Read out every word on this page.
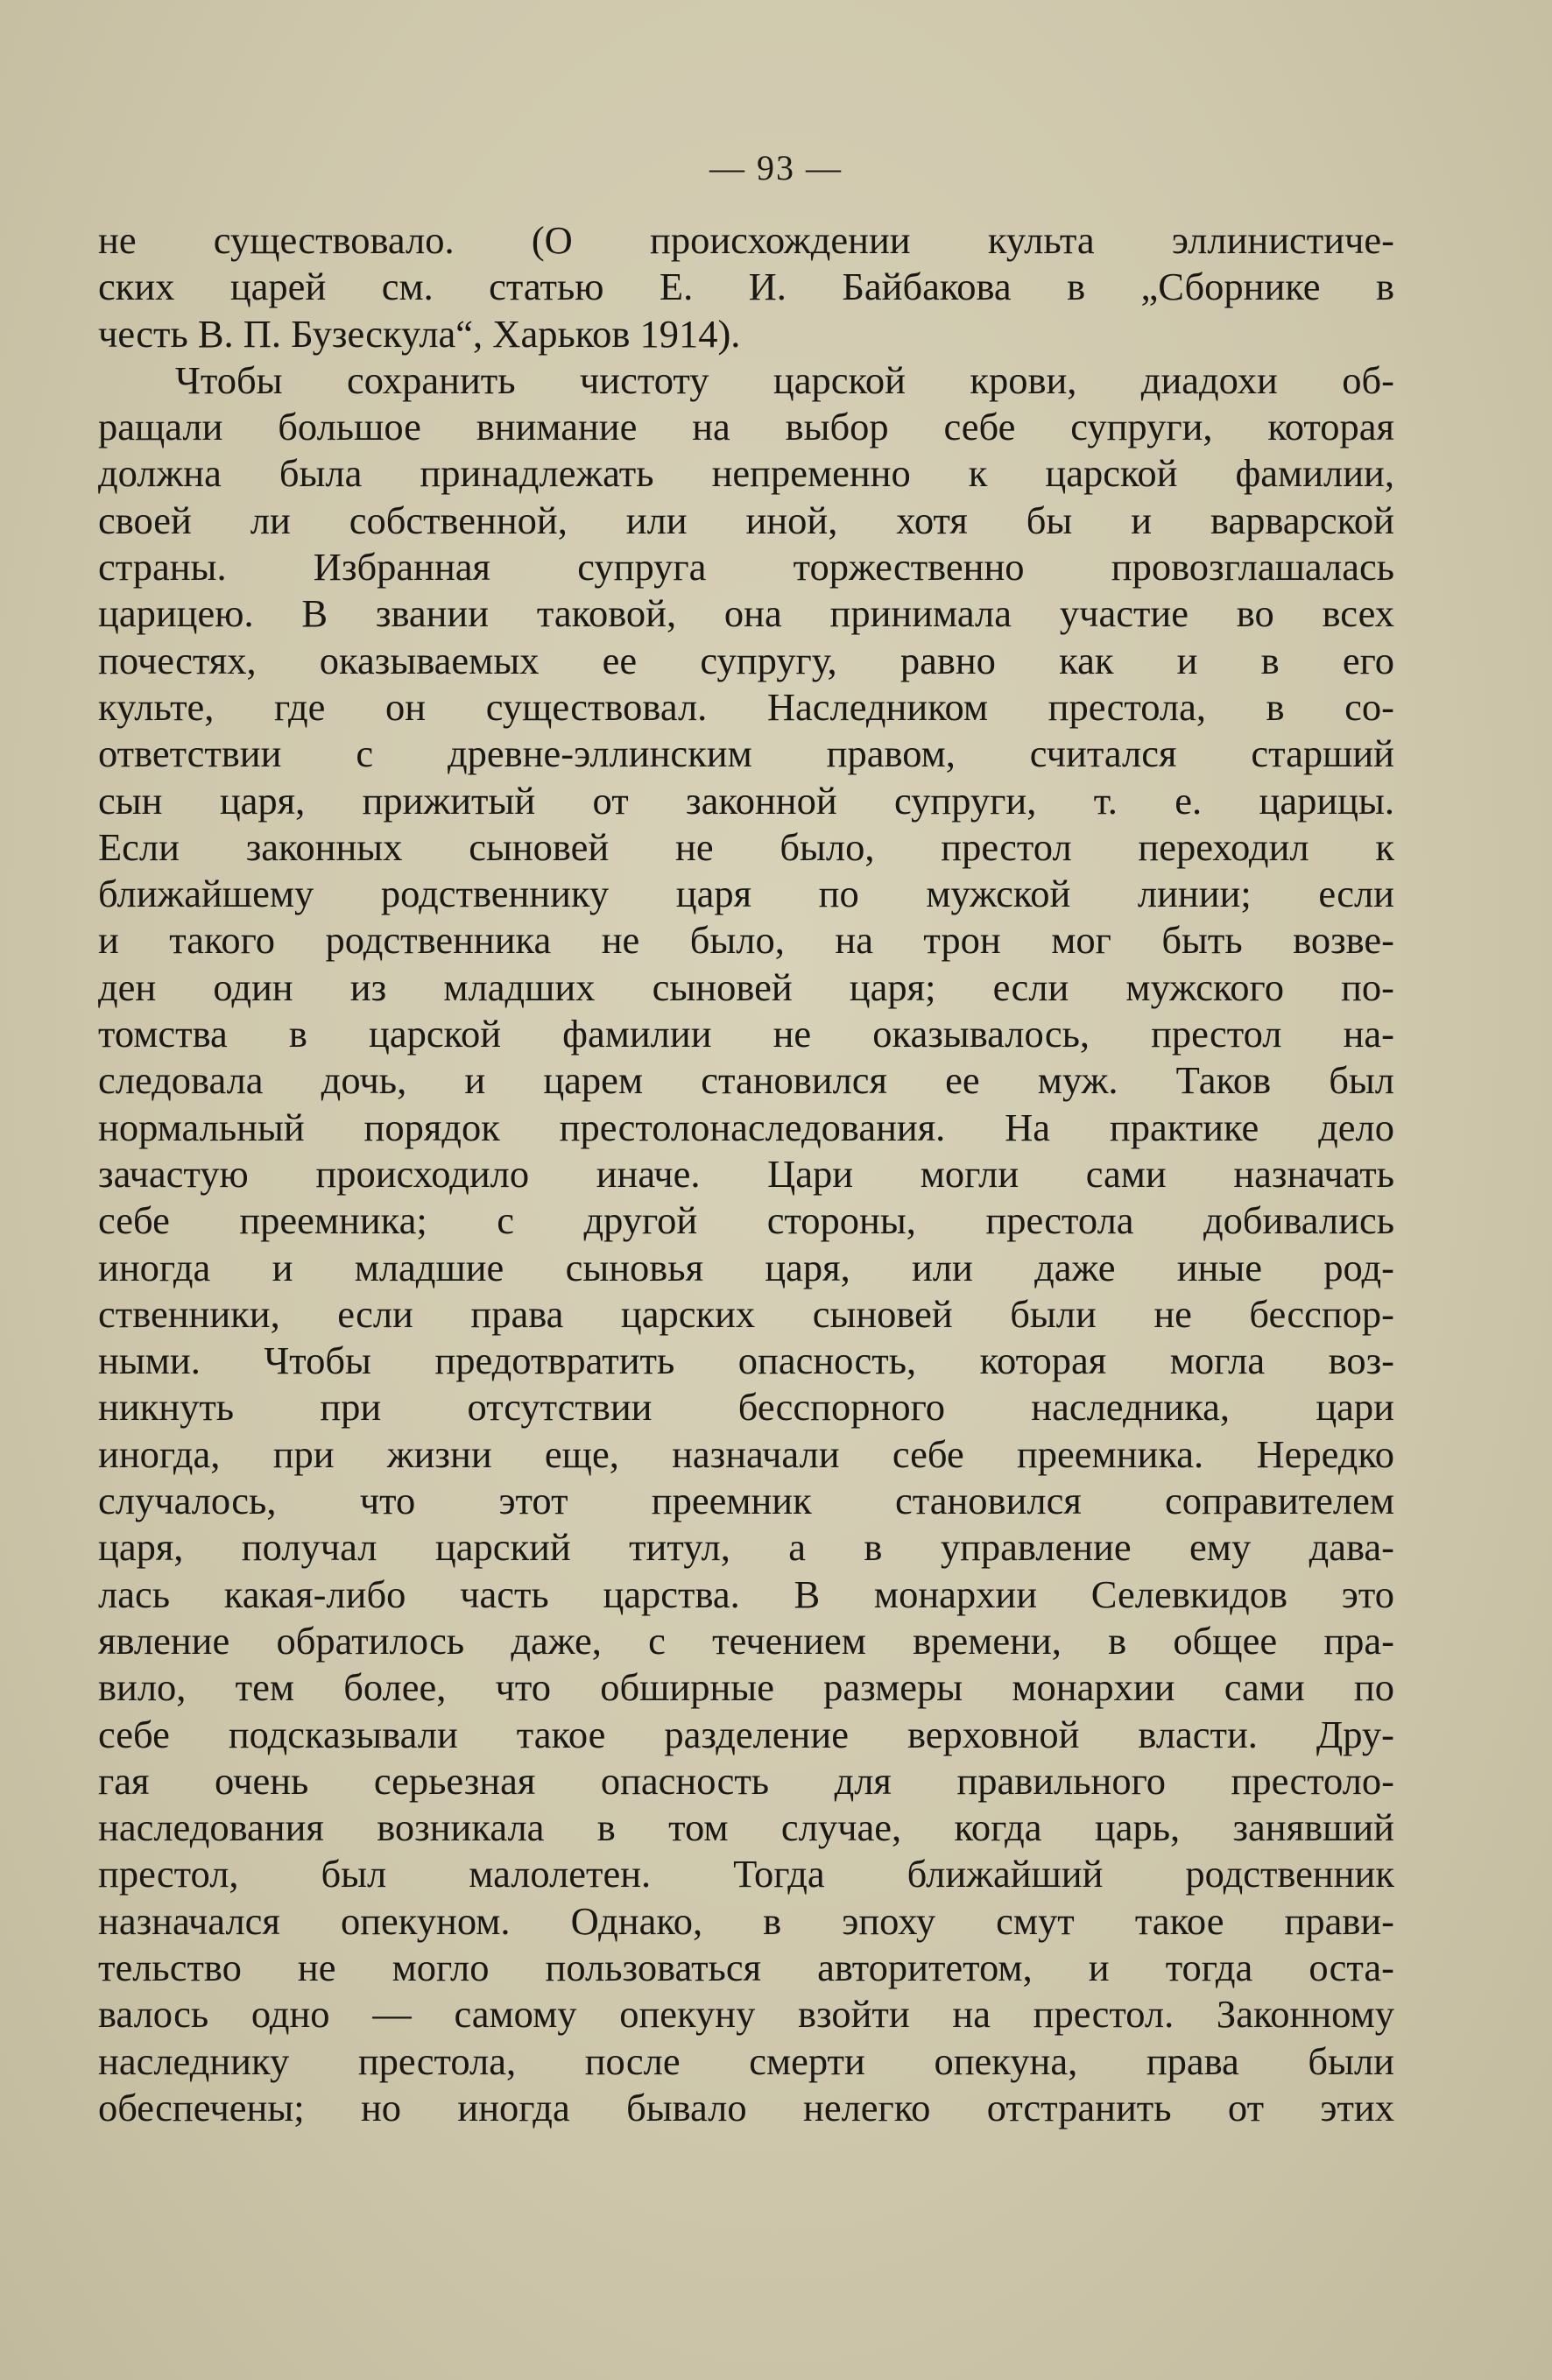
— 93 —
не существовало. (О происхождении культа эллинистиче-
ских царей см. статью Е. И. Байбакова в „Сборнике в
честь В. П. Бузескула“, Харьков 1914).
Чтобы сохранить чистоту царской крови, диадохи об-
ращали большое внимание на выбор себе супруги, которая
должна была принадлежать непременно к царской фамилии,
своей ли собственной, или иной, хотя бы и варварской
страны. Избранная супруга торжественно провозглашалась
царицею. В звании таковой, она принимала участие во всех
почестях, оказываемых ее супругу, равно как и в его
культе, где он существовал. Наследником престола, в со-
ответствии с древне-эллинским правом, считался старший
сын царя, прижитый от законной супруги, т. е. царицы.
Если законных сыновей не было, престол переходил к
ближайшему родственнику царя по мужской линии; если
и такого родственника не было, на трон мог быть возве-
ден один из младших сыновей царя; если мужского по-
томства в царской фамилии не оказывалось, престол на-
следовала дочь, и царем становился ее муж. Таков был
нормальный порядок престолонаследования. На практике дело
зачастую происходило иначе. Цари могли сами назначать
себе преемника; с другой стороны, престола добивались
иногда и младшие сыновья царя, или даже иные род-
ственники, если права царских сыновей были не бесспор-
ными. Чтобы предотвратить опасность, которая могла воз-
никнуть при отсутствии бесспорного наследника, цари
иногда, при жизни еще, назначали себе преемника. Нередко
случалось, что этот преемник становился соправителем
царя, получал царский титул, а в управление ему дава-
лась какая-либо часть царства. В монархии Селевкидов это
явление обратилось даже, с течением времени, в общее пра-
вило, тем более, что обширные размеры монархии сами по
себе подсказывали такое разделение верховной власти. Дру-
гая очень серьезная опасность для правильного престоло-
наследования возникала в том случае, когда царь, занявший
престол, был малолетен. Тогда ближайший родственник
назначался опекуном. Однако, в эпоху смут такое прави-
тельство не могло пользоваться авторитетом, и тогда оста-
валось одно — самому опекуну взойти на престол. Законному
наследнику престола, после смерти опекуна, права были
обеспечены; но иногда бывало нелегко отстранить от этих
